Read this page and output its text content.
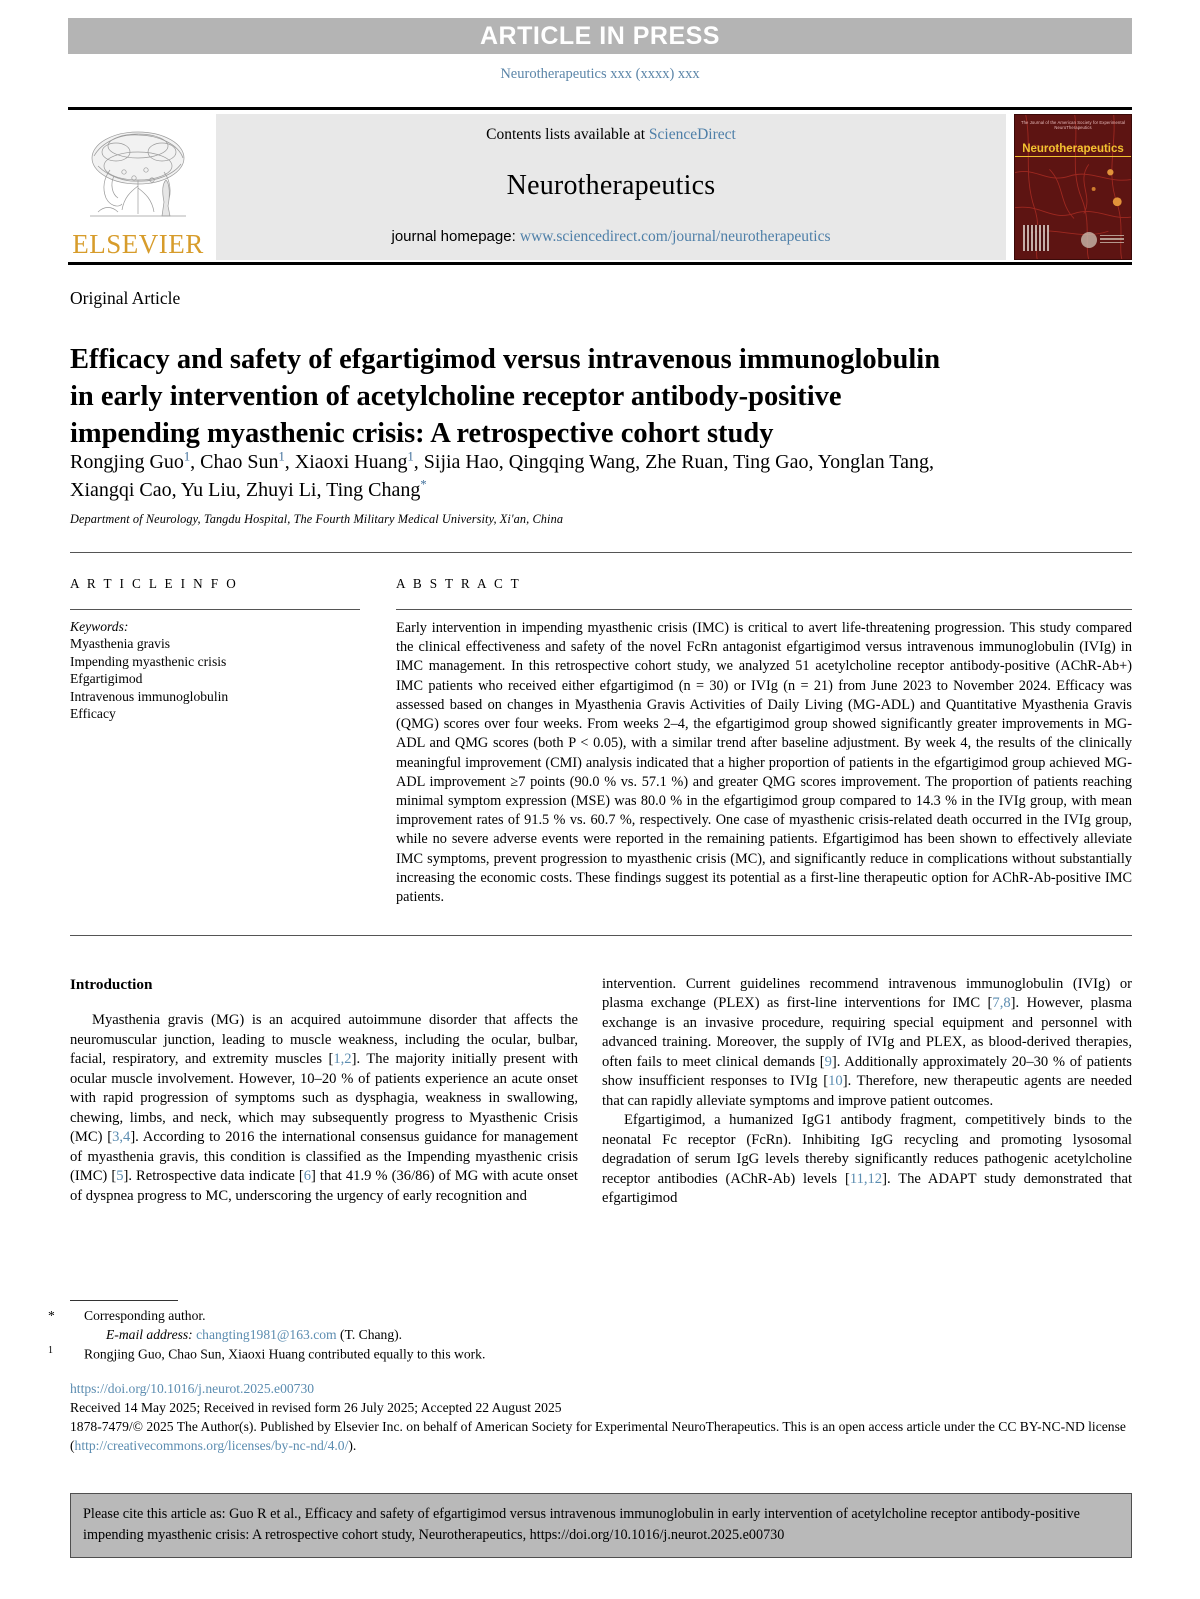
ARTICLE IN PRESS
Neurotherapeutics xxx (xxxx) xxx
ELSEVIER
Contents lists available at ScienceDirect
Neurotherapeutics
journal homepage: www.sciencedirect.com/journal/neurotherapeutics
The Journal of the American Society for Experimental NeuroTherapeutics
Neurotherapeutics
Original Article
Efficacy and safety of efgartigimod versus intravenous immunoglobulin in early intervention of acetylcholine receptor antibody-positive impending myasthenic crisis: A retrospective cohort study
Rongjing Guo$^1$, Chao Sun$^1$, Xiaoxi Huang$^1$, Sijia Hao, Qingqing Wang, Zhe Ruan, Ting Gao, Yonglan Tang, Xiangqi Cao, Yu Liu, Zhuyi Li, Ting Chang*
Department of Neurology, Tangdu Hospital, The Fourth Military Medical University, Xi'an, China
A R T I C L E I N F O
Keywords:
Myasthenia gravis
Impending myasthenic crisis
Efgartigimod
Intravenous immunoglobulin
Efficacy
A B S T R A C T

Early intervention in impending myasthenic crisis (IMC) is critical to avert life-threatening progression. This study compared the clinical effectiveness and safety of the novel FcRn antagonist efgartigimod versus intravenous immunoglobulin (IVIg) in IMC management. In this retrospective cohort study, we analyzed 51 acetylcholine receptor antibody-positive (AChR-Ab+) IMC patients who received either efgartigimod (n = 30) or IVIg (n = 21) from June 2023 to November 2024. Efficacy was assessed based on changes in Myasthenia Gravis Activities of Daily Living (MG-ADL) and Quantitative Myasthenia Gravis (QMG) scores over four weeks. From weeks 2–4, the efgartigimod group showed significantly greater improvements in MG-ADL and QMG scores (both P < 0.05), with a similar trend after baseline adjustment. By week 4, the results of the clinically meaningful improvement (CMI) analysis indicated that a higher proportion of patients in the efgartigimod group achieved MG-ADL improvement ≥7 points (90.0 % vs. 57.1 %) and greater QMG scores improvement. The proportion of patients reaching minimal symptom expression (MSE) was 80.0 % in the efgartigimod group compared to 14.3 % in the IVIg group, with mean improvement rates of 91.5 % vs. 60.7 %, respectively. One case of myasthenic crisis-related death occurred in the IVIg group, while no severe adverse events were reported in the remaining patients. Efgartigimod has been shown to effectively alleviate IMC symptoms, prevent progression to myasthenic crisis (MC), and significantly reduce in complications without substantially increasing the economic costs. These findings suggest its potential as a first-line therapeutic option for AChR-Ab-positive IMC patients.

Introduction

Myasthenia gravis (MG) is an acquired autoimmune disorder that affects the neuromuscular junction, leading to muscle weakness, including the ocular, bulbar, facial, respiratory, and extremity muscles [1,2]. The majority initially present with ocular muscle involvement. However, 10–20 % of patients experience an acute onset with rapid progression of symptoms such as dysphagia, weakness in swallowing, chewing, limbs, and neck, which may subsequently progress to Myasthenic Crisis (MC) [3,4]. According to 2016 the international consensus guidance for management of myasthenia gravis, this condition is classified as the Impending myasthenic crisis (IMC) [5]. Retrospective data indicate [6] that 41.9 % (36/86) of MG with acute onset of dyspnea progress to MC, underscoring the urgency of early recognition and

intervention. Current guidelines recommend intravenous immunoglobulin (IVIg) or plasma exchange (PLEX) as first-line interventions for IMC [7,8]. However, plasma exchange is an invasive procedure, requiring special equipment and personnel with advanced training. Moreover, the supply of IVIg and PLEX, as blood-derived therapies, often fails to meet clinical demands [9]. Additionally approximately 20–30 % of patients show insufficient responses to IVIg [10]. Therefore, new therapeutic agents are needed that can rapidly alleviate symptoms and improve patient outcomes.

Efgartigimod, a humanized IgG1 antibody fragment, competitively binds to the neonatal Fc receptor (FcRn). Inhibiting IgG recycling and promoting lysosomal degradation of serum IgG levels thereby significantly reduces pathogenic acetylcholine receptor antibodies (AChR-Ab) levels [11,12]. The ADAPT study demonstrated that efgartigimod

* Corresponding author.
E-mail address: changting1981@163.com (T. Chang).
$^1$ Rongjing Guo, Chao Sun, Xiaoxi Huang contributed equally to this work.

https://doi.org/10.1016/j.neurot.2025.e00730

Received 14 May 2025; Received in revised form 26 July 2025; Accepted 22 August 2025

1878-7479/© 2025 The Author(s). Published by Elsevier Inc. on behalf of American Society for Experimental NeuroTherapeutics. This is an open access article under the CC BY-NC-ND license (http://creativecommons.org/licenses/by-nc-nd/4.0/).

Please cite this article as: Guo R et al., Efficacy and safety of efgartigimod versus intravenous immunoglobulin in early intervention of acetylcholine receptor antibody-positive impending myasthenic crisis: A retrospective cohort study, Neurotherapeutics, https://doi.org/10.1016/j.neurot.2025.e00730
